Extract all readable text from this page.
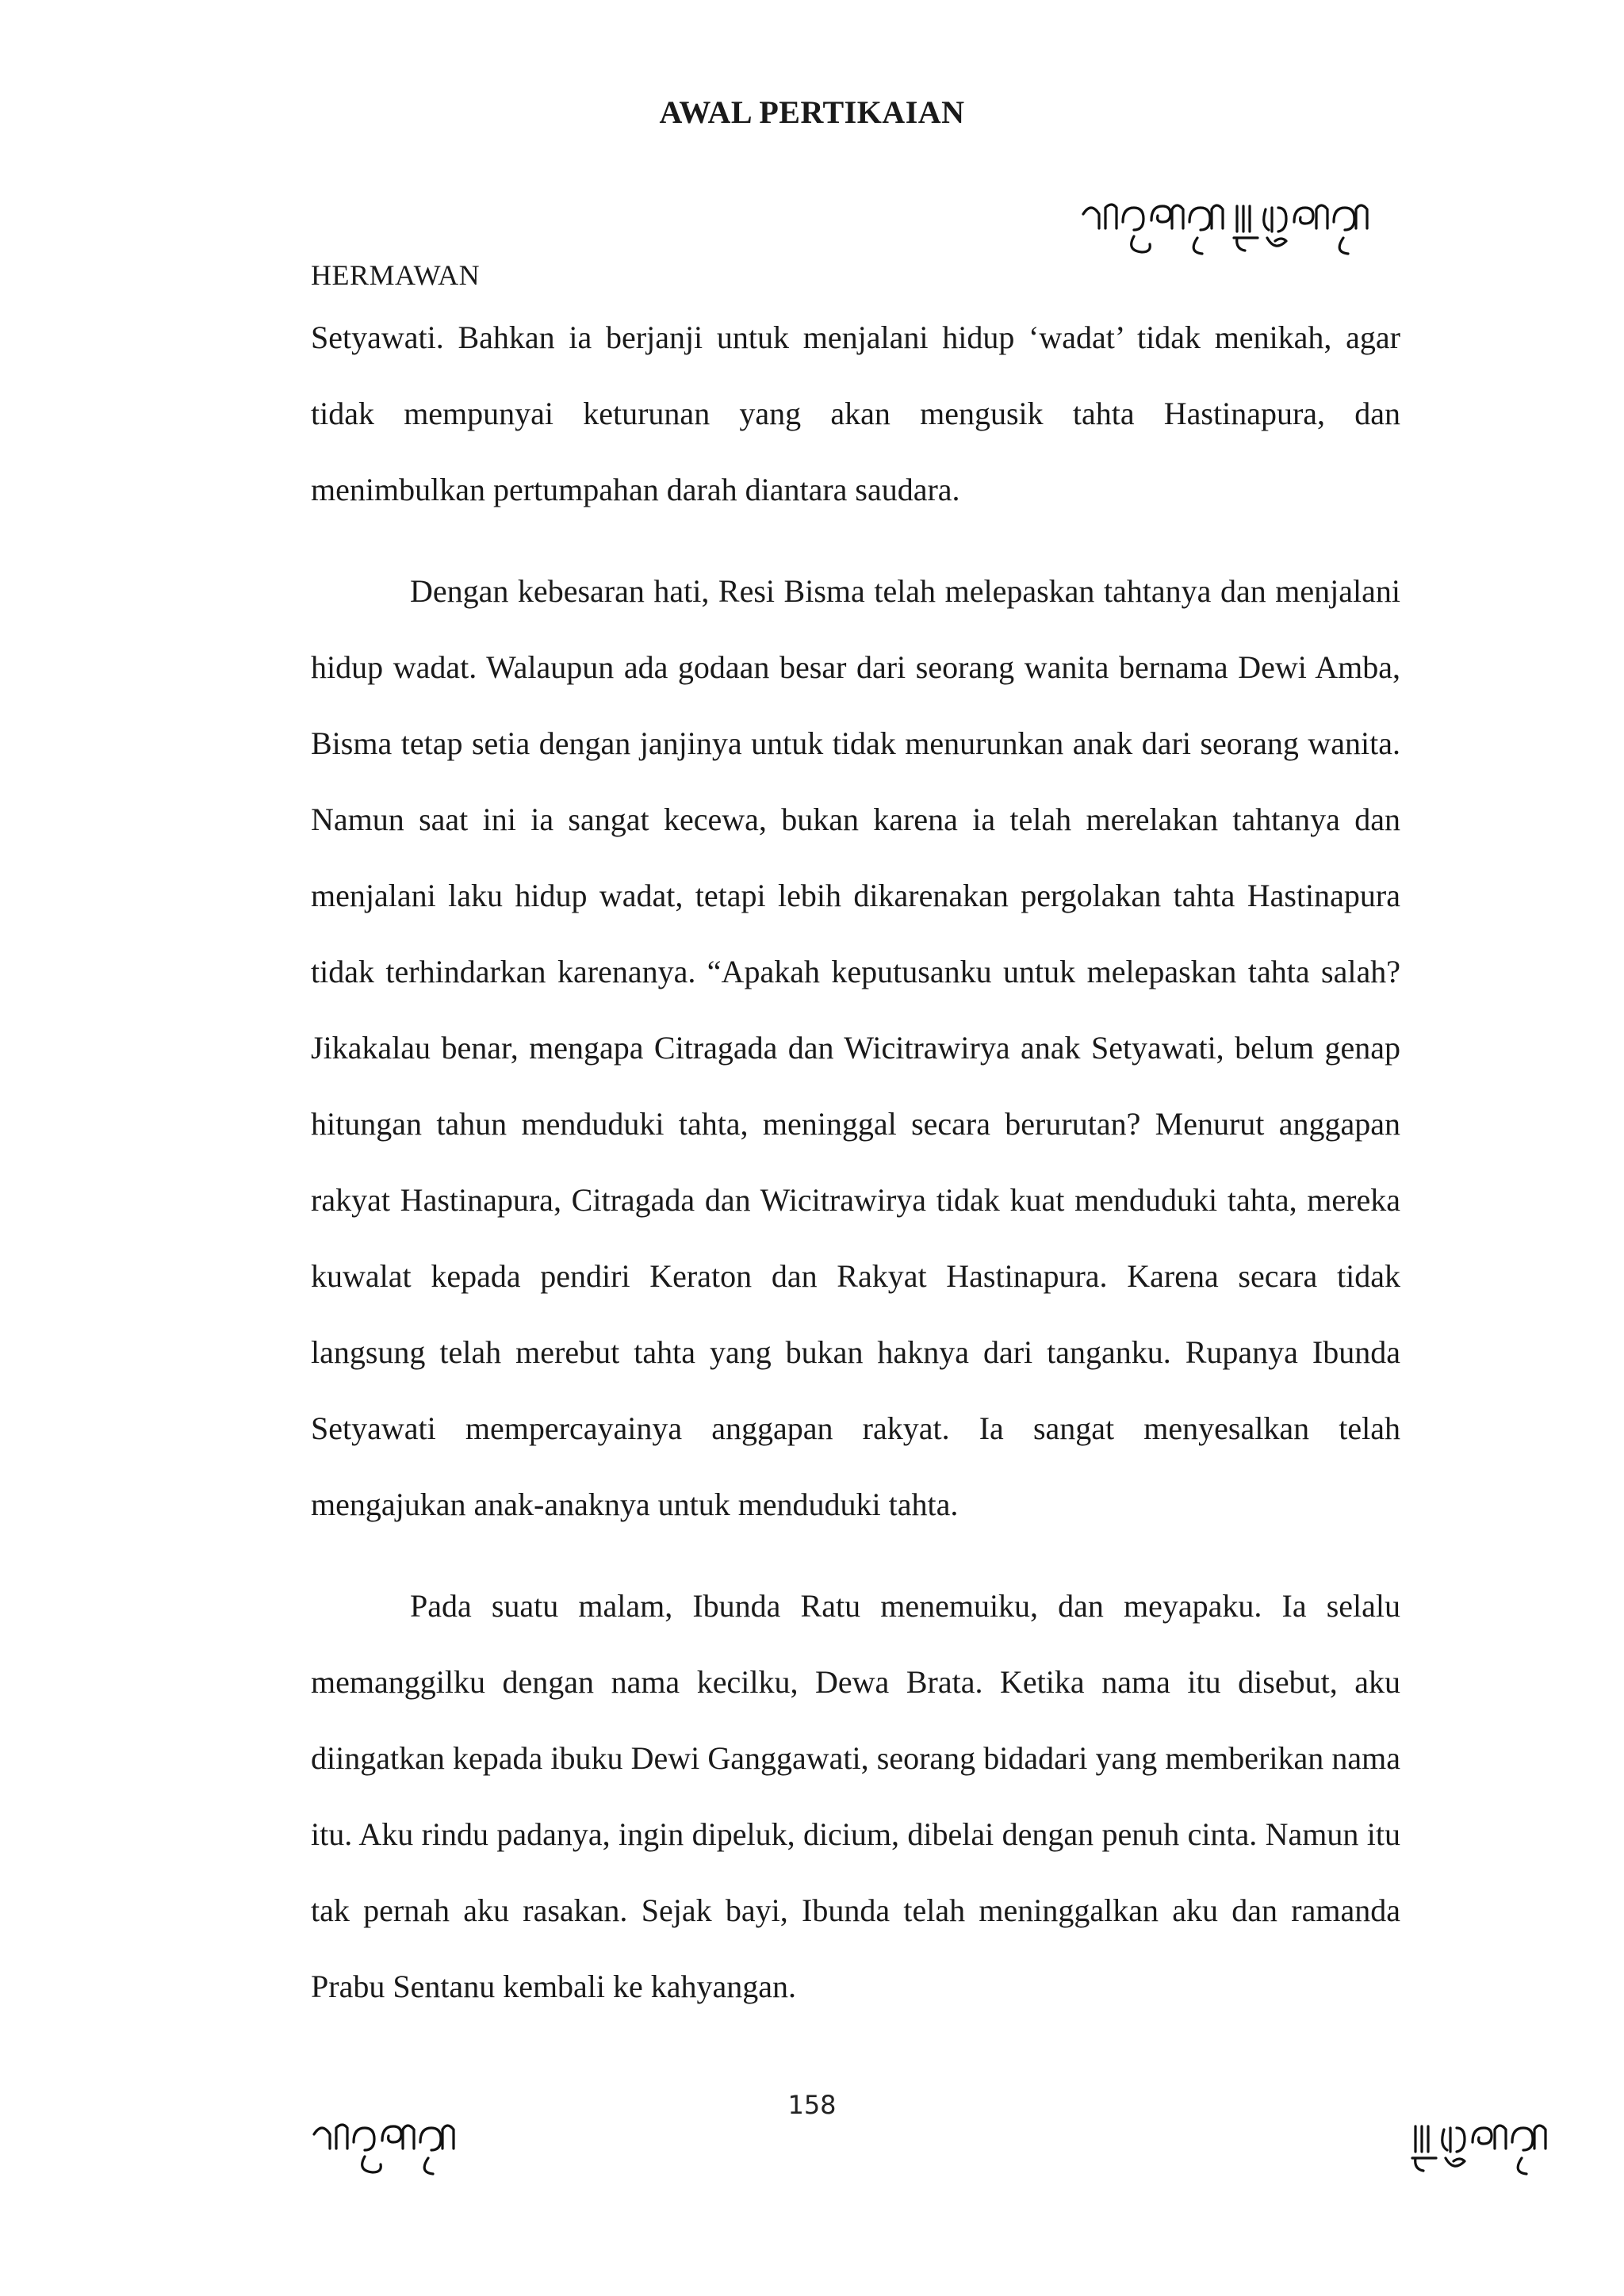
AWAL PERTIKAIAN
HERMAWAN

Setyawati. Bahkan ia berjanji untuk menjalani hidup ‘wadat’ tidak menikah, agar tidak mempunyai keturunan yang akan mengusik tahta Hastinapura, dan menimbulkan pertumpahan darah diantara saudara.

Dengan kebesaran hati, Resi Bisma telah melepaskan tahtanya dan menjalani hidup wadat. Walaupun ada godaan besar dari seorang wanita bernama Dewi Amba, Bisma tetap setia dengan janjinya untuk tidak menurunkan anak dari seorang wanita. Namun saat ini ia sangat kecewa, bukan karena ia telah merelakan tahtanya dan menjalani laku hidup wadat, tetapi lebih dikarenakan pergolakan tahta Hastinapura tidak terhindarkan karenanya. “Apakah keputusanku untuk melepaskan tahta salah? Jikakalau benar, mengapa Citragada dan Wicitrawirya anak Setyawati, belum genap hitungan tahun menduduki tahta, meninggal secara berurutan? Menurut anggapan rakyat Hastinapura, Citragada dan Wicitrawirya tidak kuat menduduki tahta, mereka kuwalat kepada pendiri Keraton dan Rakyat Hastinapura. Karena secara tidak langsung telah merebut tahta yang bukan haknya dari tanganku. Rupanya Ibunda Setyawati mempercayainya anggapan rakyat. Ia sangat menyesalkan telah mengajukan anak-anaknya untuk menduduki tahta.

Pada suatu malam, Ibunda Ratu menemuiku, dan meyapaku. Ia selalu memanggilku dengan nama kecilku, Dewa Brata. Ketika nama itu disebut, aku diingatkan kepada ibuku Dewi Ganggawati, seorang bidadari yang memberikan nama itu. Aku rindu padanya, ingin dipeluk, dicium, dibelai dengan penuh cinta. Namun itu tak pernah aku rasakan. Sejak bayi, Ibunda telah meninggalkan aku dan ramanda Prabu Sentanu kembali ke kahyangan.

158
